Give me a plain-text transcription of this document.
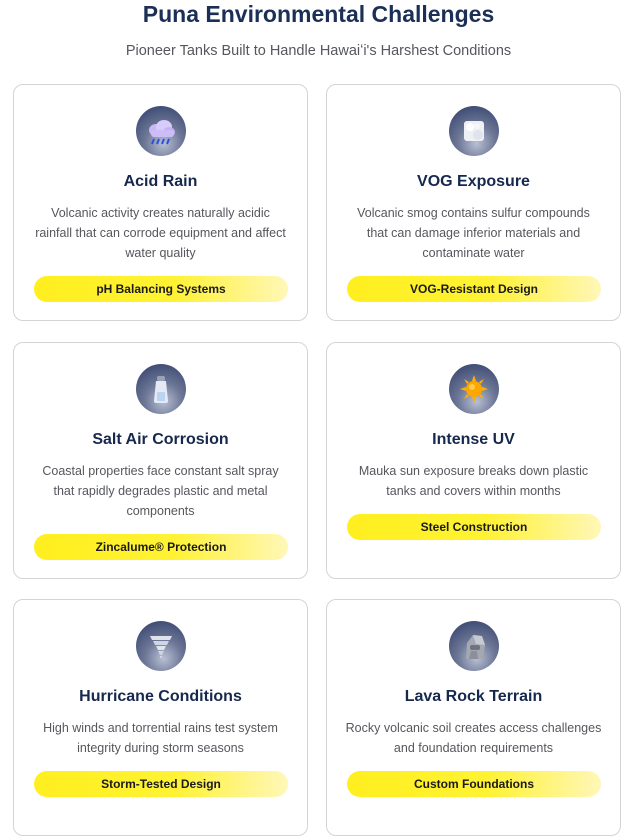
Puna Environmental Challenges
Pioneer Tanks Built to Handle Hawaiʻi's Harshest Conditions
Acid Rain
Volcanic activity creates naturally acidic rainfall that can corrode equipment and affect water quality
pH Balancing Systems
VOG Exposure
Volcanic smog contains sulfur compounds that can damage inferior materials and contaminate water
VOG-Resistant Design
Salt Air Corrosion
Coastal properties face constant salt spray that rapidly degrades plastic and metal components
Zincalume® Protection
Intense UV
Mauka sun exposure breaks down plastic tanks and covers within months
Steel Construction
Hurricane Conditions
High winds and torrential rains test system integrity during storm seasons
Storm-Tested Design
Lava Rock Terrain
Rocky volcanic soil creates access challenges and foundation requirements
Custom Foundations
